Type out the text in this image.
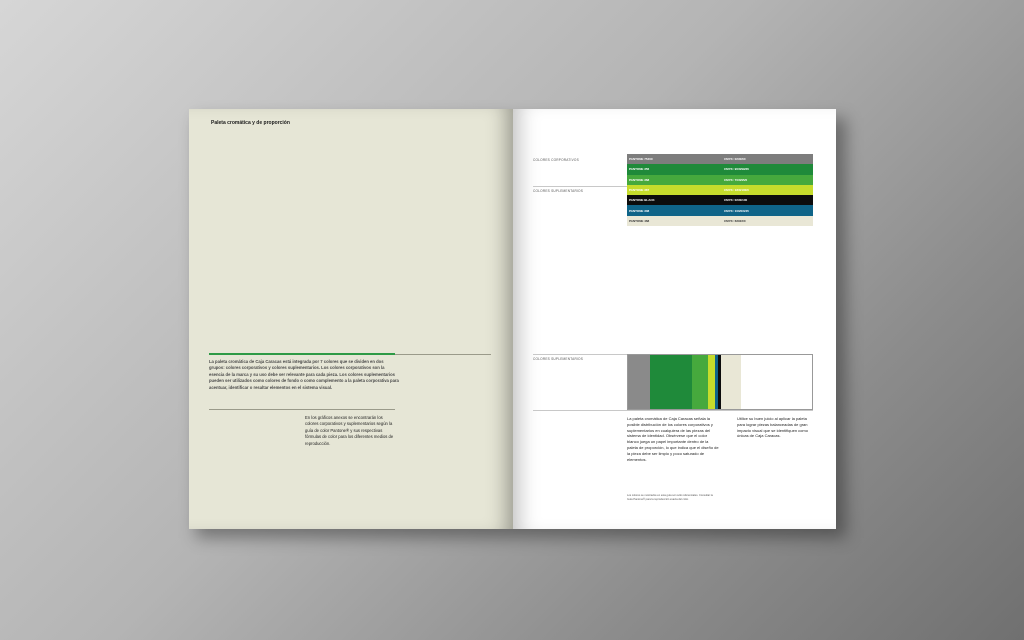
Paleta cromática y de proporción
La paleta cromática de Caja Caracas está integrada por 7 colores que se dividen en dos grupos: colores corporativos y colores suplementarios. Los colores corporativos son la esencia de la marca y su uso debe ser relevante para cada pieza. Los colores suplementarios pueden ser utilizados como colores de fondo o como complemento a la paleta corporativa para acentuar, identificar o resaltar elementos en el sistema visual.
En los gráficos anexos se encontrarán los colores corporativos y suplementarios según la guía de color Pantone® y sus respectivas fórmulas de color para los diferentes medios de reproducción.
COLORES CORPORATIVOS
COLORES SUPLEMENTARIOS
PANTONE 7540C	CMYK: 0/0/0/60
PANTONE 356	CMYK: 90/0/99/26
PANTONE 368	CMYK: 70/0/95/0
PANTONE 387	CMYK: 18/0/100/0
PANTONE BLACK	CMYK: 0/0/0/100
PANTONE 308	CMYK: 100/0/0/45
PANTONE 468	CMYK: 6/8/22/0
COLORES SUPLEMENTARIOS
La paleta cromática de Caja Caracas señala la posible distribución de los colores corporativos y suplementarios en cualquiera de las piezas del sistema de identidad. Obsérvese que el color blanco juega un papel importante dentro de la paleta de proporción, lo que indica que el diseño de la pieza debe ser limpio y poco saturado de elementos.
Utilice su buen juicio al aplicar la paleta para lograr piezas balanceadas de gran impacto visual que se identifiquen como únicas de Caja Caracas.
Los colores se mostrados en esta guía son sólo referenciales. Consultar la Guía Pantone® para la reproducción exacta del color.
